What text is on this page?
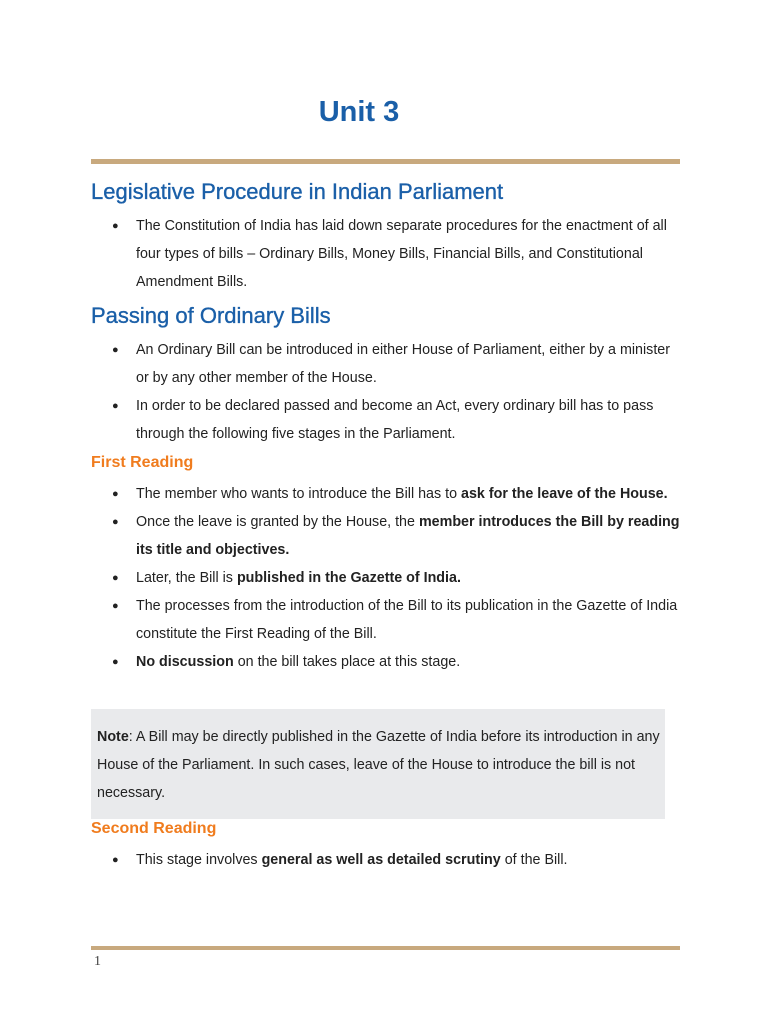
Unit 3
Legislative Procedure in Indian Parliament
● The Constitution of India has laid down separate procedures for the enactment of all four types of bills – Ordinary Bills, Money Bills, Financial Bills, and Constitutional Amendment Bills.
Passing of Ordinary Bills
● An Ordinary Bill can be introduced in either House of Parliament, either by a minister or by any other member of the House.
● In order to be declared passed and become an Act, every ordinary bill has to pass through the following five stages in the Parliament.
First Reading
● The member who wants to introduce the Bill has to ask for the leave of the House.
● Once the leave is granted by the House, the member introduces the Bill by reading its title and objectives.
● Later, the Bill is published in the Gazette of India.
● The processes from the introduction of the Bill to its publication in the Gazette of India constitute the First Reading of the Bill.
● No discussion on the bill takes place at this stage.
Note: A Bill may be directly published in the Gazette of India before its introduction in any House of the Parliament. In such cases, leave of the House to introduce the bill is not necessary.
Second Reading
● This stage involves general as well as detailed scrutiny of the Bill.
1
